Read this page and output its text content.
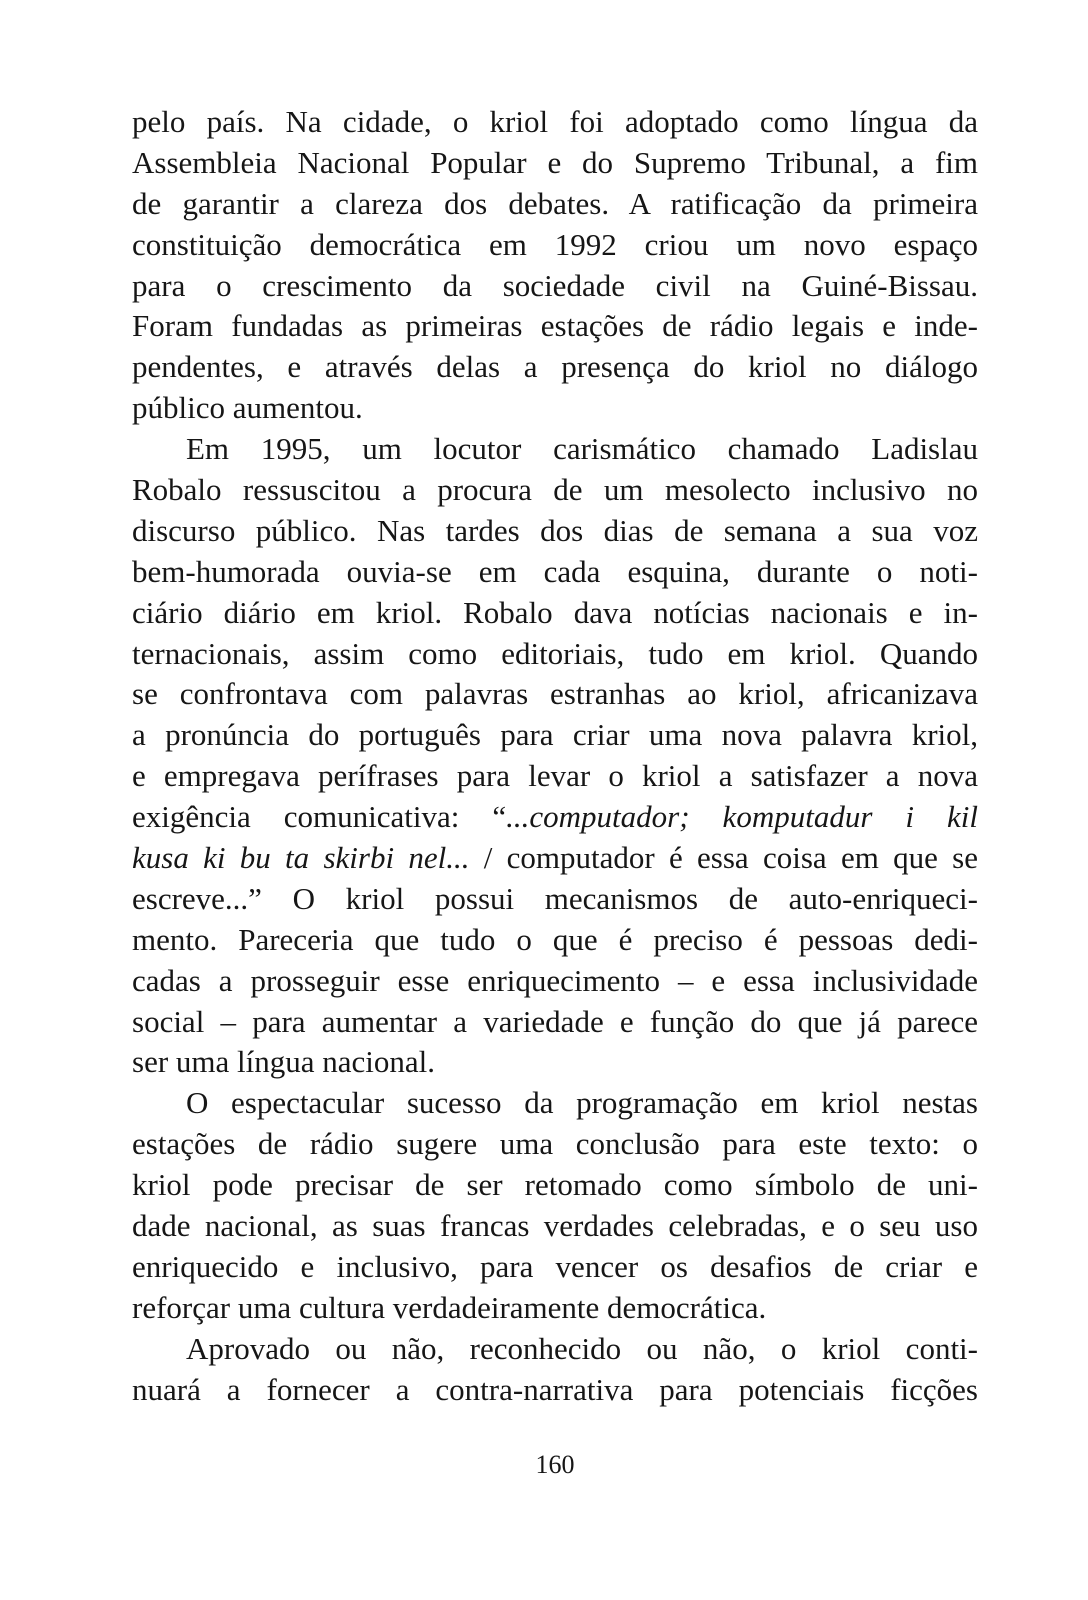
pelo país. Na cidade, o kriol foi adoptado como língua da
Assembleia Nacional Popular e do Supremo Tribunal, a fim
de garantir a clareza dos debates. A ratificação da primeira
constituição democrática em 1992 criou um novo espaço
para o crescimento da sociedade civil na Guiné-Bissau.
Foram fundadas as primeiras estações de rádio legais e inde-
pendentes, e através delas a presença do kriol no diálogo
público aumentou.
Em 1995, um locutor carismático chamado Ladislau
Robalo ressuscitou a procura de um mesolecto inclusivo no
discurso público. Nas tardes dos dias de semana a sua voz
bem-humorada ouvia-se em cada esquina, durante o noti-
ciário diário em kriol. Robalo dava notícias nacionais e in-
ternacionais, assim como editoriais, tudo em kriol. Quando
se confrontava com palavras estranhas ao kriol, africanizava
a pronúncia do português para criar uma nova palavra kriol,
e empregava perífrases para levar o kriol a satisfazer a nova
exigência comunicativa: “...computador; komputadur i kil
kusa ki bu ta skirbi nel... / computador é essa coisa em que se
escreve...” O kriol possui mecanismos de auto-enriqueci-
mento. Pareceria que tudo o que é preciso é pessoas dedi-
cadas a prosseguir esse enriquecimento – e essa inclusividade
social – para aumentar a variedade e função do que já parece
ser uma língua nacional.
O espectacular sucesso da programação em kriol nestas
estações de rádio sugere uma conclusão para este texto: o
kriol pode precisar de ser retomado como símbolo de uni-
dade nacional, as suas francas verdades celebradas, e o seu uso
enriquecido e inclusivo, para vencer os desafios de criar e
reforçar uma cultura verdadeiramente democrática.
Aprovado ou não, reconhecido ou não, o kriol conti-
nuará a fornecer a contra-narrativa para potenciais ficções
160
